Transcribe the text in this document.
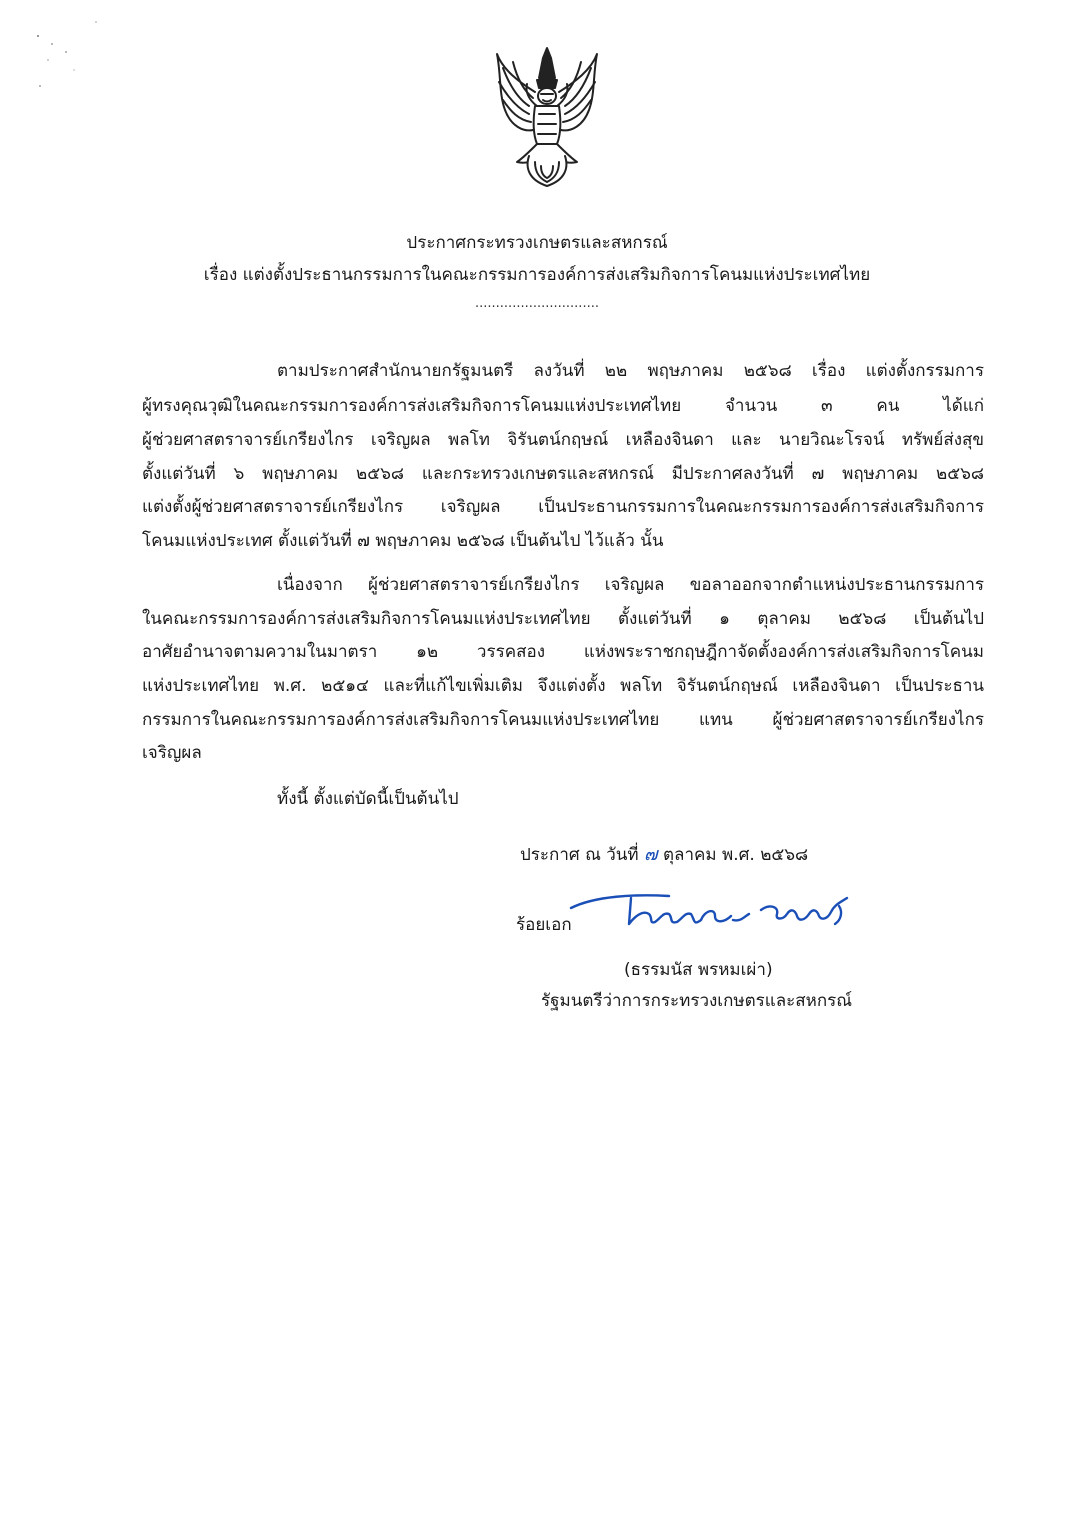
ประกาศกระทรวงเกษตรและสหกรณ์
เรื่อง แต่งตั้งประธานกรรมการในคณะกรรมการองค์การส่งเสริมกิจการโคนมแห่งประเทศไทย
..............................
ตามประกาศสำนักนายกรัฐมนตรี ลงวันที่ ๒๒ พฤษภาคม ๒๕๖๘ เรื่อง แต่งตั้งกรรมการ
ผู้ทรงคุณวุฒิในคณะกรรมการองค์การส่งเสริมกิจการโคนมแห่งประเทศไทย จำนวน ๓ คน ได้แก่
ผู้ช่วยศาสตราจารย์เกรียงไกร เจริญผล พลโท จิรันตน์กฤษณ์ เหลืองจินดา และ นายวิณะโรจน์ ทรัพย์ส่งสุข
ตั้งแต่วันที่ ๖ พฤษภาคม ๒๕๖๘ และกระทรวงเกษตรและสหกรณ์ มีประกาศลงวันที่ ๗ พฤษภาคม ๒๕๖๘
แต่งตั้งผู้ช่วยศาสตราจารย์เกรียงไกร เจริญผล เป็นประธานกรรมการในคณะกรรมการองค์การส่งเสริมกิจการ
โคนมแห่งประเทศ ตั้งแต่วันที่ ๗ พฤษภาคม ๒๕๖๘ เป็นต้นไป ไว้แล้ว นั้น
เนื่องจาก ผู้ช่วยศาสตราจารย์เกรียงไกร เจริญผล ขอลาออกจากตำแหน่งประธานกรรมการ
ในคณะกรรมการองค์การส่งเสริมกิจการโคนมแห่งประเทศไทย ตั้งแต่วันที่ ๑ ตุลาคม ๒๕๖๘ เป็นต้นไป
อาศัยอำนาจตามความในมาตรา ๑๒ วรรคสอง แห่งพระราชกฤษฎีกาจัดตั้งองค์การส่งเสริมกิจการโคนม
แห่งประเทศไทย พ.ศ. ๒๕๑๔ และที่แก้ไขเพิ่มเติม จึงแต่งตั้ง พลโท จิรันตน์กฤษณ์ เหลืองจินดา เป็นประธาน
กรรมการในคณะกรรมการองค์การส่งเสริมกิจการโคนมแห่งประเทศไทย แทน ผู้ช่วยศาสตราจารย์เกรียงไกร
เจริญผล
ทั้งนี้ ตั้งแต่บัดนี้เป็นต้นไป
ประกาศ ณ วันที่ ๗ ตุลาคม พ.ศ. ๒๕๖๘
ร้อยเอก
(ธรรมนัส พรหมเผ่า)
รัฐมนตรีว่าการกระทรวงเกษตรและสหกรณ์
